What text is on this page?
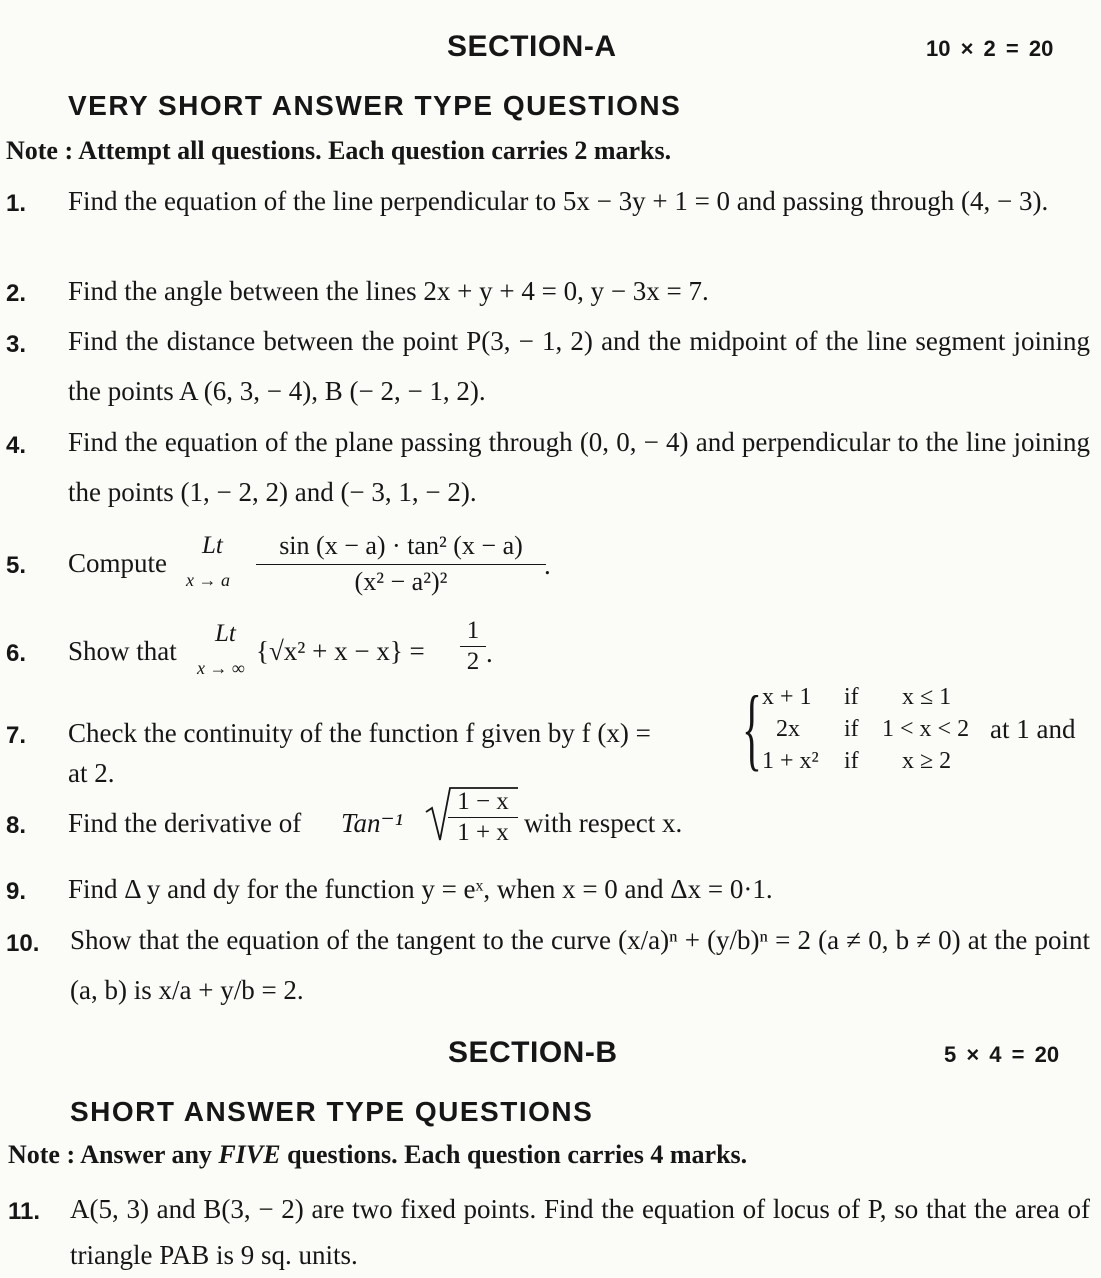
SECTION-A	10 × 2 = 20
VERY SHORT ANSWER TYPE QUESTIONS
Note : Attempt all questions. Each question carries 2 marks.
1. Find the equation of the line perpendicular to 5x − 3y + 1 = 0 and passing through (4, − 3).
2. Find the angle between the lines 2x + y + 4 = 0, y − 3x = 7.
3. Find the distance between the point P(3, − 1, 2) and the midpoint of the line segment joining the points A (6, 3, − 4), B (− 2, − 1, 2).
4. Find the equation of the plane passing through (0, 0, − 4) and perpendicular to the line joining the points (1, − 2, 2) and (− 3, 1, − 2).
5. Compute
Lt
x → a
sin (x − a) · tan² (x − a)
(x² − a²)²
.
6. Show that
Lt
x → ∞
{√x² + x − x} =
1
2 .
7. Check the continuity of the function f given by f (x) = { x + 1 if x ≤ 1
2x if 1 < x < 2
1 + x² if x ≥ 2
at 1 and
at 2.
8. Find the derivative of Tan⁻¹
1 − x
1 + x with respect x.
9. Find Δ y and dy for the function y = eˣ, when x = 0 and Δx = 0·1.
10. Show that the equation of the tangent to the curve (x/a)ⁿ + (y/b)ⁿ = 2 (a ≠ 0, b ≠ 0) at the point (a, b) is x/a + y/b = 2.
SECTION-B	5 × 4 = 20
SHORT ANSWER TYPE QUESTIONS
Note : Answer any FIVE questions. Each question carries 4 marks.
11. A(5, 3) and B(3, − 2) are two fixed points. Find the equation of locus of P, so that the area of triangle PAB is 9 sq. units.
